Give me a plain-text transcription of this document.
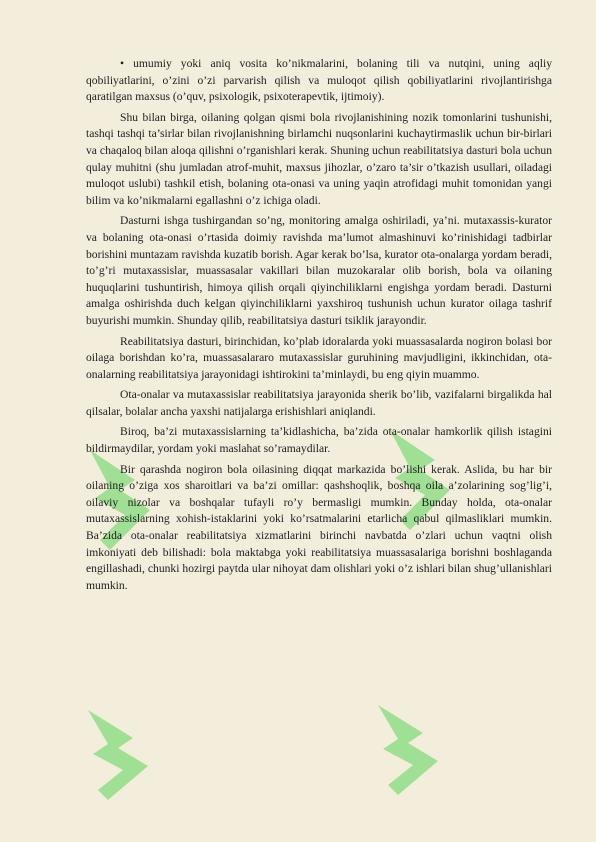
• umumiy yoki aniq vosita ko’nikmalarini, bolaning tili va nutqini, uning aqliy qobiliyatlarini, o’zini o’zi parvarish qilish va muloqot qilish qobiliyatlarini rivojlantirishga qaratilgan maxsus (o’quv, psixologik, psixoterapevtik, ijtimoiy).

Shu bilan birga, oilaning qolgan qismi bola rivojlanishining nozik tomonlarini tushunishi, tashqi tashqi ta’sirlar bilan rivojlanishning birlamchi nuqsonlarini kuchaytirmaslik uchun bir-birlari va chaqaloq bilan aloqa qilishni o’rganishlari kerak. Shuning uchun reabilitatsiya dasturi bola uchun qulay muhitni (shu jumladan atrof-muhit, maxsus jihozlar, o’zaro ta’sir o’tkazish usullari, oiladagi muloqot uslubi) tashkil etish, bolaning ota-onasi va uning yaqin atrofidagi muhit tomonidan yangi bilim va ko’nikmalarni egallashni o’z ichiga oladi.

Dasturni ishga tushirgandan so’ng, monitoring amalga oshiriladi, ya’ni. mutaxassis-kurator va bolaning ota-onasi o’rtasida doimiy ravishda ma’lumot almashinuvi ko’rinishidagi tadbirlar borishini muntazam ravishda kuzatib borish. Agar kerak bo’lsa, kurator ota-onalarga yordam beradi, to’g’ri mutaxassislar, muassasalar vakillari bilan muzokaralar olib borish, bola va oilaning huquqlarini tushuntirish, himoya qilish orqali qiyinchiliklarni engishga yordam beradi. Dasturni amalga oshirishda duch kelgan qiyinchiliklarni yaxshiroq tushunish uchun kurator oilaga tashrif buyurishi mumkin. Shunday qilib, reabilitatsiya dasturi tsiklik jarayondir.

Reabilitatsiya dasturi, birinchidan, ko’plab idoralarda yoki muassasalarda nogiron bolasi bor oilaga borishdan ko’ra, muassasalararo mutaxassislar guruhining mavjudligini, ikkinchidan, ota-onalarning reabilitatsiya jarayonidagi ishtirokini ta’minlaydi, bu eng qiyin muammo.

Ota-onalar va mutaxassislar reabilitatsiya jarayonida sherik bo’lib, vazifalarni birgalikda hal qilsalar, bolalar ancha yaxshi natijalarga erishishlari aniqlandi.

Biroq, ba’zi mutaxassislarning ta’kidlashicha, ba’zida ota-onalar hamkorlik qilish istagini bildirmaydilar, yordam yoki maslahat so’ramaydilar.

Bir qarashda nogiron bola oilasining diqqat markazida bo’lishi kerak. Aslida, bu har bir oilaning o’ziga xos sharoitlari va ba’zi omillar: qashshoqlik, boshqa oila a’zolarining sog’lig’i, oilaviy nizolar va boshqalar tufayli ro’y bermasligi mumkin. Bunday holda, ota-onalar mutaxassislarning xohish-istaklarini yoki ko’rsatmalarini etarlicha qabul qilmasliklari mumkin. Ba’zida ota-onalar reabilitatsiya xizmatlarini birinchi navbatda o’zlari uchun vaqtni olish imkoniyati deb bilishadi: bola maktabga yoki reabilitatsiya muassasalariga borishni boshlaganda engillashadi, chunki hozirgi paytda ular nihoyat dam olishlari yoki o’z ishlari bilan shug’ullanishlari mumkin.
